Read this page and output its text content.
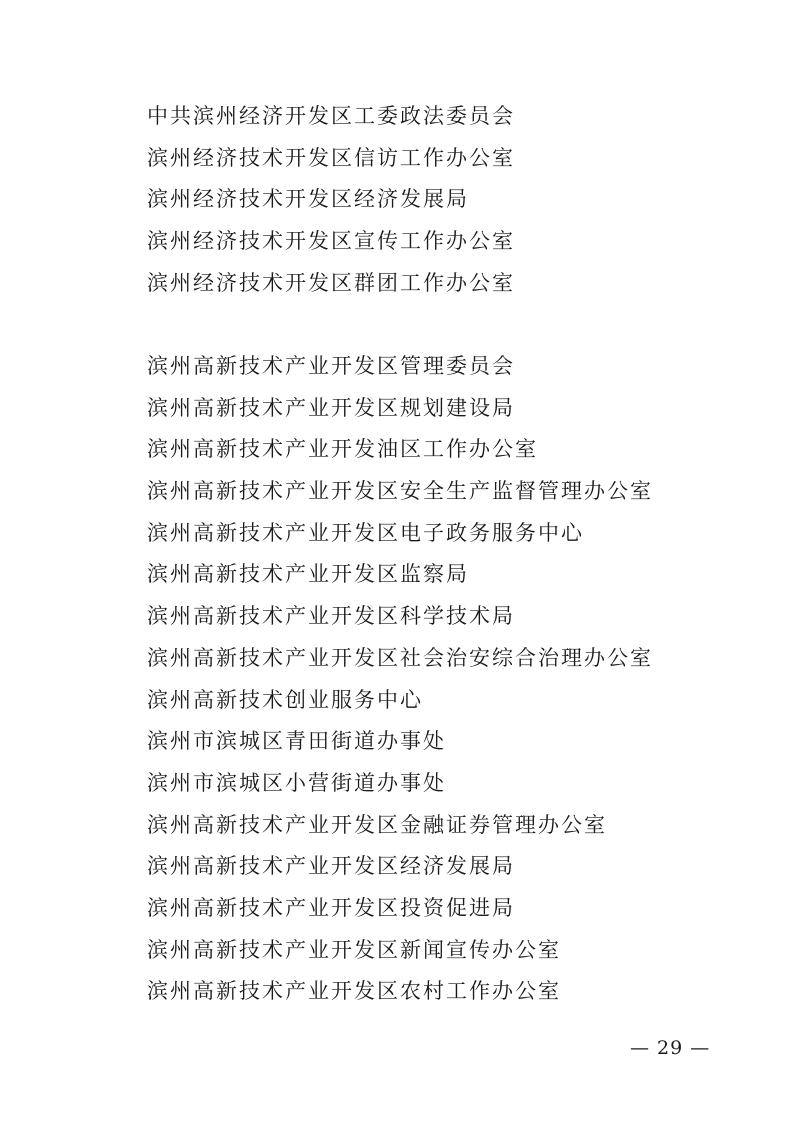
中共滨州经济开发区工委政法委员会
滨州经济技术开发区信访工作办公室
滨州经济技术开发区经济发展局
滨州经济技术开发区宣传工作办公室
滨州经济技术开发区群团工作办公室
滨州高新技术产业开发区管理委员会
滨州高新技术产业开发区规划建设局
滨州高新技术产业开发油区工作办公室
滨州高新技术产业开发区安全生产监督管理办公室
滨州高新技术产业开发区电子政务服务中心
滨州高新技术产业开发区监察局
滨州高新技术产业开发区科学技术局
滨州高新技术产业开发区社会治安综合治理办公室
滨州高新技术创业服务中心
滨州市滨城区青田街道办事处
滨州市滨城区小营街道办事处
滨州高新技术产业开发区金融证券管理办公室
滨州高新技术产业开发区经济发展局
滨州高新技术产业开发区投资促进局
滨州高新技术产业开发区新闻宣传办公室
滨州高新技术产业开发区农村工作办公室
— 29 —
